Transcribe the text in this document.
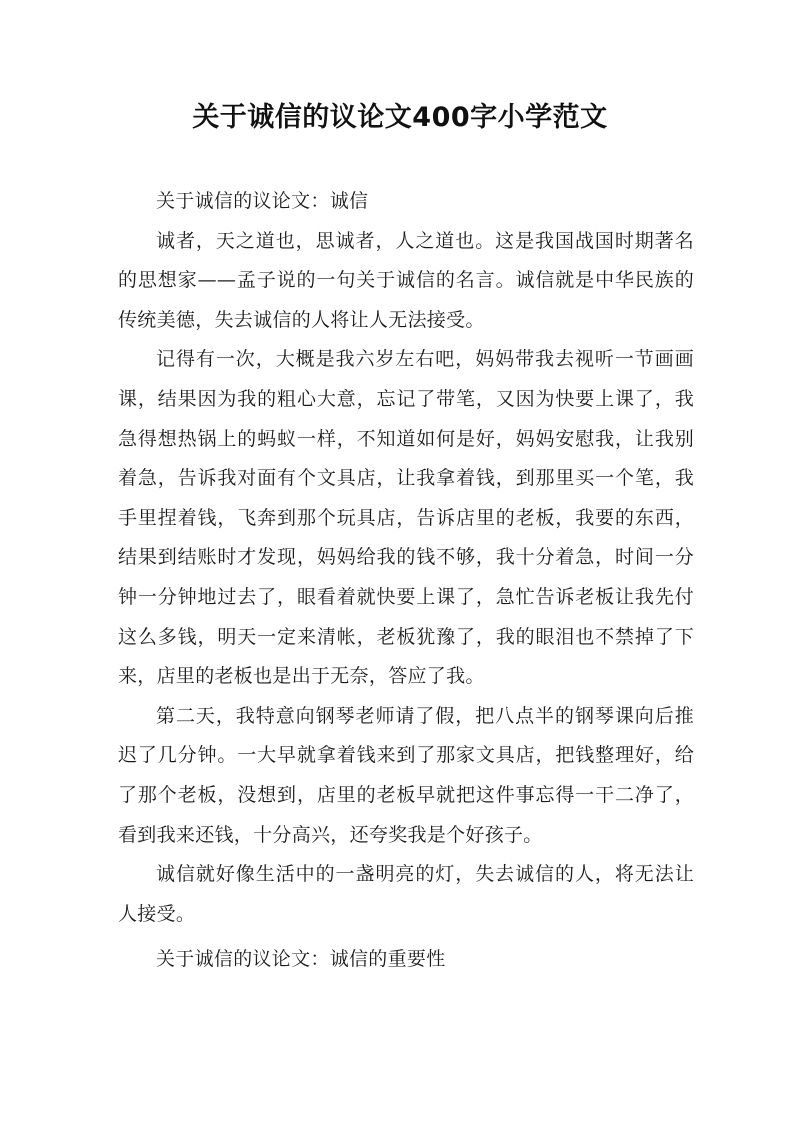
关于诚信的议论文400字小学范文

关于诚信的议论文：诚信

诚者，天之道也，思诚者，人之道也。这是我国战国时期著名的思想家——孟子说的一句关于诚信的名言。诚信就是中华民族的传统美德，失去诚信的人将让人无法接受。

记得有一次，大概是我六岁左右吧，妈妈带我去视听一节画画课，结果因为我的粗心大意，忘记了带笔，又因为快要上课了，我急得想热锅上的蚂蚁一样，不知道如何是好，妈妈安慰我，让我别着急，告诉我对面有个文具店，让我拿着钱，到那里买一个笔，我手里捏着钱，飞奔到那个玩具店，告诉店里的老板，我要的东西，结果到结账时才发现，妈妈给我的钱不够，我十分着急，时间一分钟一分钟地过去了，眼看着就快要上课了，急忙告诉老板让我先付这么多钱，明天一定来清帐，老板犹豫了，我的眼泪也不禁掉了下来，店里的老板也是出于无奈，答应了我。

第二天，我特意向钢琴老师请了假，把八点半的钢琴课向后推迟了几分钟。一大早就拿着钱来到了那家文具店，把钱整理好，给了那个老板，没想到，店里的老板早就把这件事忘得一干二净了，看到我来还钱，十分高兴，还夸奖我是个好孩子。

诚信就好像生活中的一盏明亮的灯，失去诚信的人，将无法让人接受。

关于诚信的议论文：诚信的重要性
